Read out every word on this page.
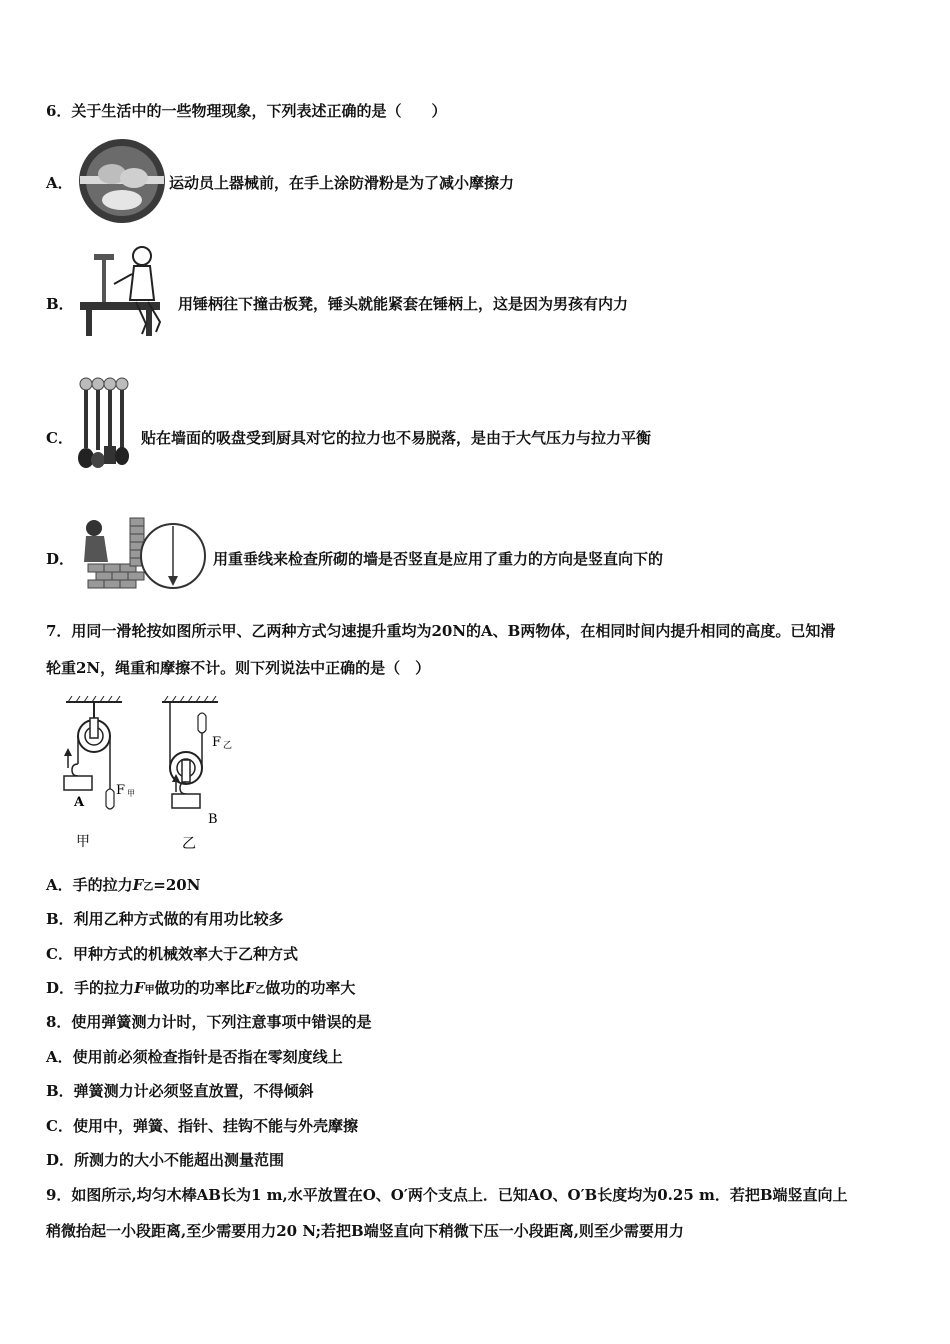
6．关于生活中的一些物理现象，下列表述正确的是（　　）
A．	运动员上器械前，在手上涂防滑粉是为了减小摩擦力
B．	用锤柄往下撞击板凳，锤头就能紧套在锤柄上，这是因为男孩有内力
C．	贴在墙面的吸盘受到厨具对它的拉力也不易脱落，是由于大气压力与拉力平衡
D．	用重垂线来检查所砌的墙是否竖直是应用了重力的方向是竖直向下的
7．用同一滑轮按如图所示甲、乙两种方式匀速提升重均为20N的A、B两物体，在相同时间内提升相同的高度。已知滑
轮重2N，绳重和摩擦不计。则下列说法中正确的是（　）
A
F 甲
甲
F 乙
B
乙
A．手的拉力F乙=20N
B．利用乙种方式做的有用功比较多
C．甲种方式的机械效率大于乙种方式
D．手的拉力F甲做功的功率比F乙做功的功率大
8．使用弹簧测力计时，下列注意事项中错误的是
A．使用前必须检查指针是否指在零刻度线上
B．弹簧测力计必须竖直放置，不得倾斜
C．使用中，弹簧、指针、挂钩不能与外壳摩擦
D．所测力的大小不能超出测量范围
9．如图所示,均匀木棒AB长为1 m,水平放置在O、O′两个支点上．已知AO、O′B长度均为0.25 m．若把B端竖直向上
稍微抬起一小段距离,至少需要用力20 N;若把B端竖直向下稍微下压一小段距离,则至少需要用力
